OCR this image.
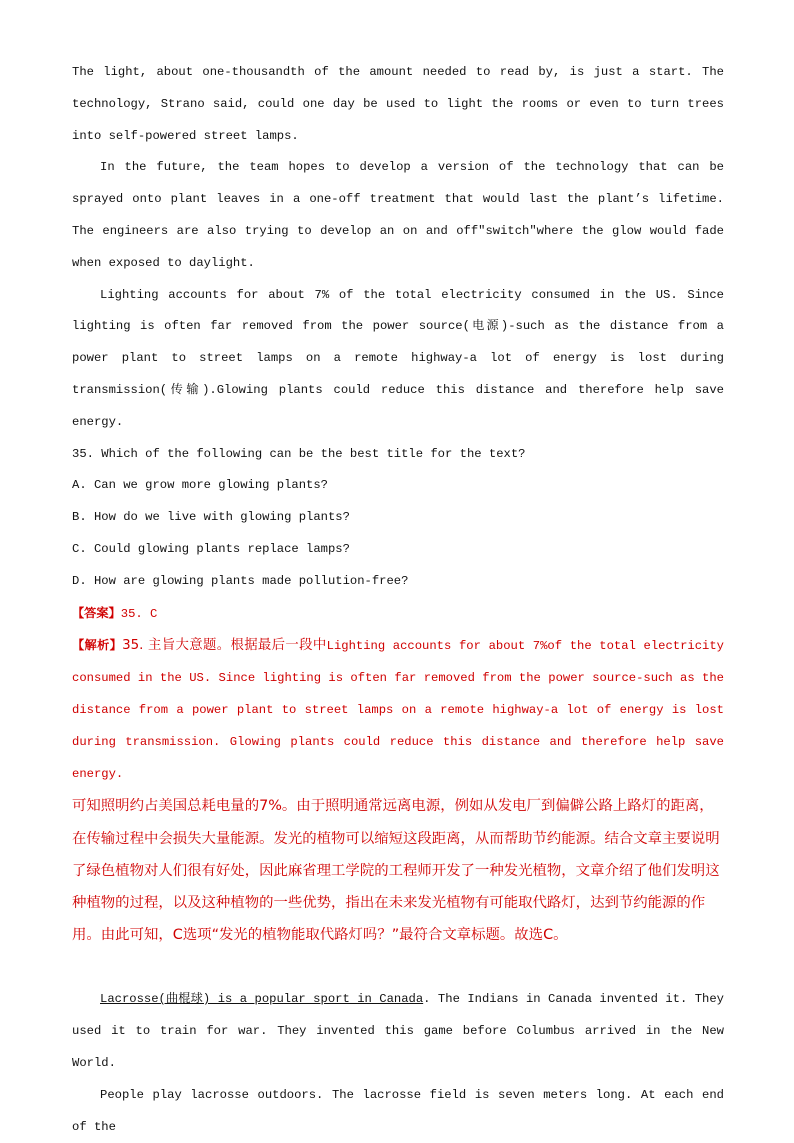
The light, about one-thousandth of the amount needed to read by, is just a start. The technology, Strano said, could one day be used to light the rooms or even to turn trees into self-powered street lamps.

In the future, the team hopes to develop a version of the technology that can be sprayed onto plant leaves in a one-off treatment that would last the plant’s lifetime. The engineers are also trying to develop an on and off"switch"where the glow would fade when exposed to daylight.

Lighting accounts for about 7% of the total electricity consumed in the US. Since lighting is often far removed from the power source(电源)-such as the distance from a power plant to street lamps on a remote highway-a lot of energy is lost during transmission(传输).Glowing plants could reduce this distance and therefore help save energy.

35. Which of the following can be the best title for the text?

A. Can we grow more glowing plants?

B. How do we live with glowing plants?

C. Could glowing plants replace lamps?

D. How are glowing plants made pollution-free?

【答案】35. C

【解析】35. 主旨大意题。根据最后一段中Lighting accounts for about 7%of the total electricity consumed in the US. Since lighting is often far removed from the power source-such as the distance from a power plant to street lamps on a remote highway-a lot of energy is lost during transmission. Glowing plants could reduce this distance and therefore help save energy.

可知照明约占美国总耗电量的7%。由于照明通常远离电源，例如从发电厂到偏僻公路上路灯的距离，在传输过程中会损失大量能源。发光的植物可以缩短这段距离，从而帮助节约能源。结合文章主要说明了绿色植物对人们很有好处，因此麻省理工学院的工程师开发了一种发光植物，文章介绍了他们发明这种植物的过程，以及这种植物的一些优势，指出在未来发光植物有可能取代路灯，达到节约能源的作用。由此可知，C选项“发光的植物能取代路灯吗？”最符合文章标题。故选C。

Lacrosse(曲棍球) is a popular sport in Canada. The Indians in Canada invented it. They used it to train for war. They invented this game before Columbus arrived in the New World.

People play lacrosse outdoors. The lacrosse field is seven meters long. At each end of the
